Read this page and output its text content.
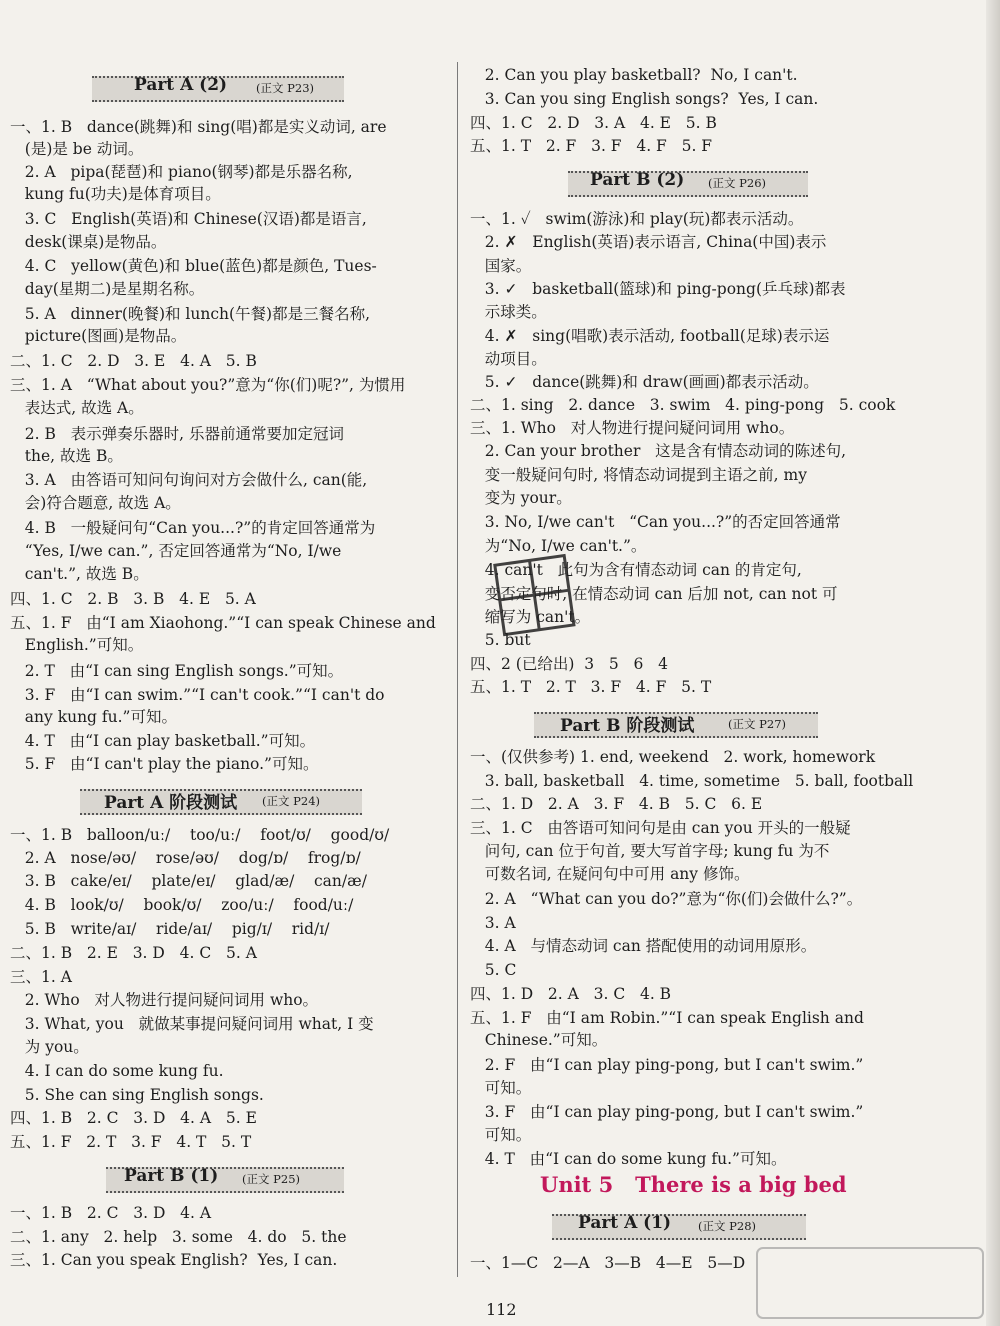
Part A (2)	(正文 P23)
一、1. B   dance(跳舞)和 sing(唱)都是实义动词, are
(是)是 be 动词。
2. A   pipa(琵琶)和 piano(钢琴)都是乐器名称,
kung fu(功夫)是体育项目。
3. C   English(英语)和 Chinese(汉语)都是语言,
desk(课桌)是物品。
4. C   yellow(黄色)和 blue(蓝色)都是颜色, Tues-
day(星期二)是星期名称。
5. A   dinner(晚餐)和 lunch(午餐)都是三餐名称,
picture(图画)是物品。
二、1. C   2. D   3. E   4. A   5. B
三、1. A   “What about you?”意为“你(们)呢?”, 为惯用
表达式, 故选 A。
2. B   表示弹奏乐器时, 乐器前通常要加定冠词
the, 故选 B。
3. A   由答语可知问句询问对方会做什么, can(能,
会)符合题意, 故选 A。
4. B   一般疑问句“Can you...?”的肯定回答通常为
“Yes, I/we can.”, 否定回答通常为“No, I/we
can't.”, 故选 B。
四、1. C   2. B   3. B   4. E   5. A
五、1. F   由“I am Xiaohong.”“I can speak Chinese and
English.”可知。
2. T   由“I can sing English songs.”可知。
3. F   由“I can swim.”“I can't cook.”“I can't do
any kung fu.”可知。
4. T   由“I can play basketball.”可知。
5. F   由“I can't play the piano.”可知。
Part A 阶段测试 (正文 P24)
一、1. B   balloon/uː/    too/uː/    foot/ʊ/    good/ʊ/
2. A   nose/əʊ/    rose/əʊ/    dog/ɒ/    frog/ɒ/
3. B   cake/eɪ/    plate/eɪ/    glad/æ/    can/æ/
4. B   look/ʊ/    book/ʊ/    zoo/uː/    food/uː/
5. B   write/aɪ/    ride/aɪ/    pig/ɪ/    rid/ɪ/
二、1. B   2. E   3. D   4. C   5. A
三、1. A
2. Who   对人物进行提问疑问词用 who。
3. What, you   就做某事提问疑问词用 what, I 变
为 you。
4. I can do some kung fu.
5. She can sing English songs.
四、1. B   2. C   3. D   4. A   5. E
五、1. F   2. T   3. F   4. T   5. T
Part B (1) (正文 P25)
一、1. B   2. C   3. D   4. A
二、1. any   2. help   3. some   4. do   5. the
三、1. Can you speak English?  Yes, I can.
2. Can you play basketball?  No, I can't.
3. Can you sing English songs?  Yes, I can.
四、1. C   2. D   3. A   4. E   5. B
五、1. T   2. F   3. F   4. F   5. F
Part B (2) (正文 P26)
一、1. ✓   swim(游泳)和 play(玩)都表示活动。
2. ✗   English(英语)表示语言, China(中国)表示
国家。
3. ✓   basketball(篮球)和 ping-pong(乒乓球)都表
示球类。
4. ✗   sing(唱歌)表示活动, football(足球)表示运
动项目。
5. ✓   dance(跳舞)和 draw(画画)都表示活动。
二、1. sing   2. dance   3. swim   4. ping-pong   5. cook
三、1. Who   对人物进行提问疑问词用 who。
2. Can your brother   这是含有情态动词的陈述句,
变一般疑问句时, 将情态动词提到主语之前, my
变为 your。
3. No, I/we can't   “Can you...?”的否定回答通常
为“No, I/we can't.”。
4. can't   此句为含有情态动词 can 的肯定句,
变否定句时, 在情态动词 can 后加 not, can not 可
缩写为 can't。
5. but
四、2 (已给出)  3   5   6   4
五、1. T   2. T   3. F   4. F   5. T
Part B 阶段测试	(正文 P27)
一、(仅供参考) 1. end, weekend   2. work, homework
3. ball, basketball   4. time, sometime   5. ball, football
二、1. D   2. A   3. F   4. B   5. C   6. E
三、1. C   由答语可知问句是由 can you 开头的一般疑
问句, can 位于句首, 要大写首字母; kung fu 为不
可数名词, 在疑问句中可用 any 修饰。
2. A   “What can you do?”意为“你(们)会做什么?”。
3. A
4. A   与情态动词 can 搭配使用的动词用原形。
5. C
四、1. D   2. A   3. C   4. B
五、1. F   由“I am Robin.”“I can speak English and
Chinese.”可知。
2. F   由“I can play ping-pong, but I can't swim.”
可知。
3. F   由“I can play ping-pong, but I can't swim.”
可知。
4. T   由“I can do some kung fu.”可知。
Unit 5   There is a big bed
Part A (1) (正文 P28)
一、1—C   2—A   3—B   4—E   5—D
112
